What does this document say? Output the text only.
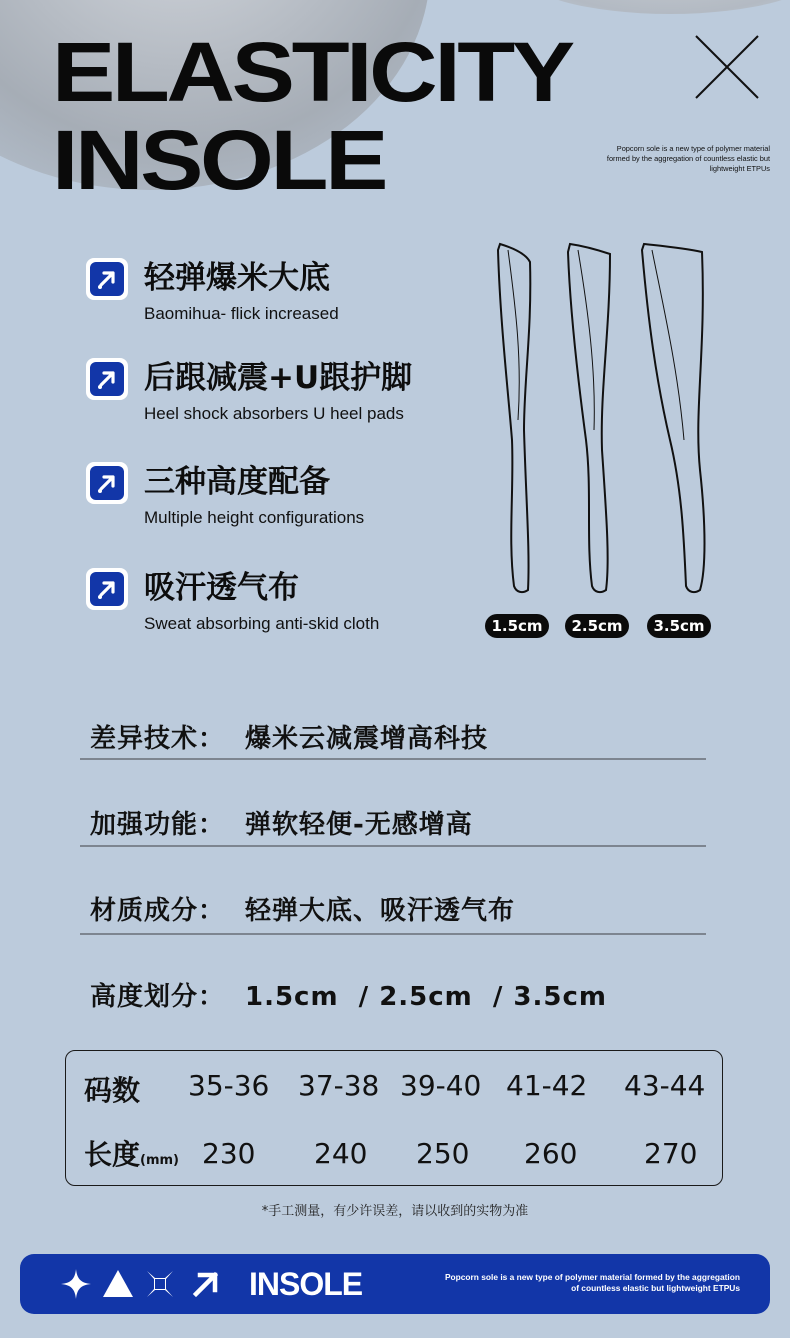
ELASTICITY
INSOLE	Popcorn sole is a new type of polymer material formed by the aggregation of countless elastic but lightweight ETPUs
轻弹爆米大底
Baomihua- flick increased
后跟减震+U跟护脚
Heel shock absorbers U heel pads
三种高度配备
Multiple height configurations
吸汗透气布
Sweat absorbing anti-skid cloth	1.5cm	2.5cm	3.5cm
差异技术： 爆米云减震增高科技
加强功能： 弹软轻便-无感增高
材质成分： 轻弹大底、吸汗透气布
高度划分： 1.5cm  / 2.5cm  / 3.5cm
码数 35-36 37-38 39-40 41-42 43-44
长度(mm) 230 240 250 260 270
*手工测量，有少许误差，请以收到的实物为准
INSOLE	Popcorn sole is a new type of polymer material formed by the aggregation of countless elastic but lightweight ETPUs
